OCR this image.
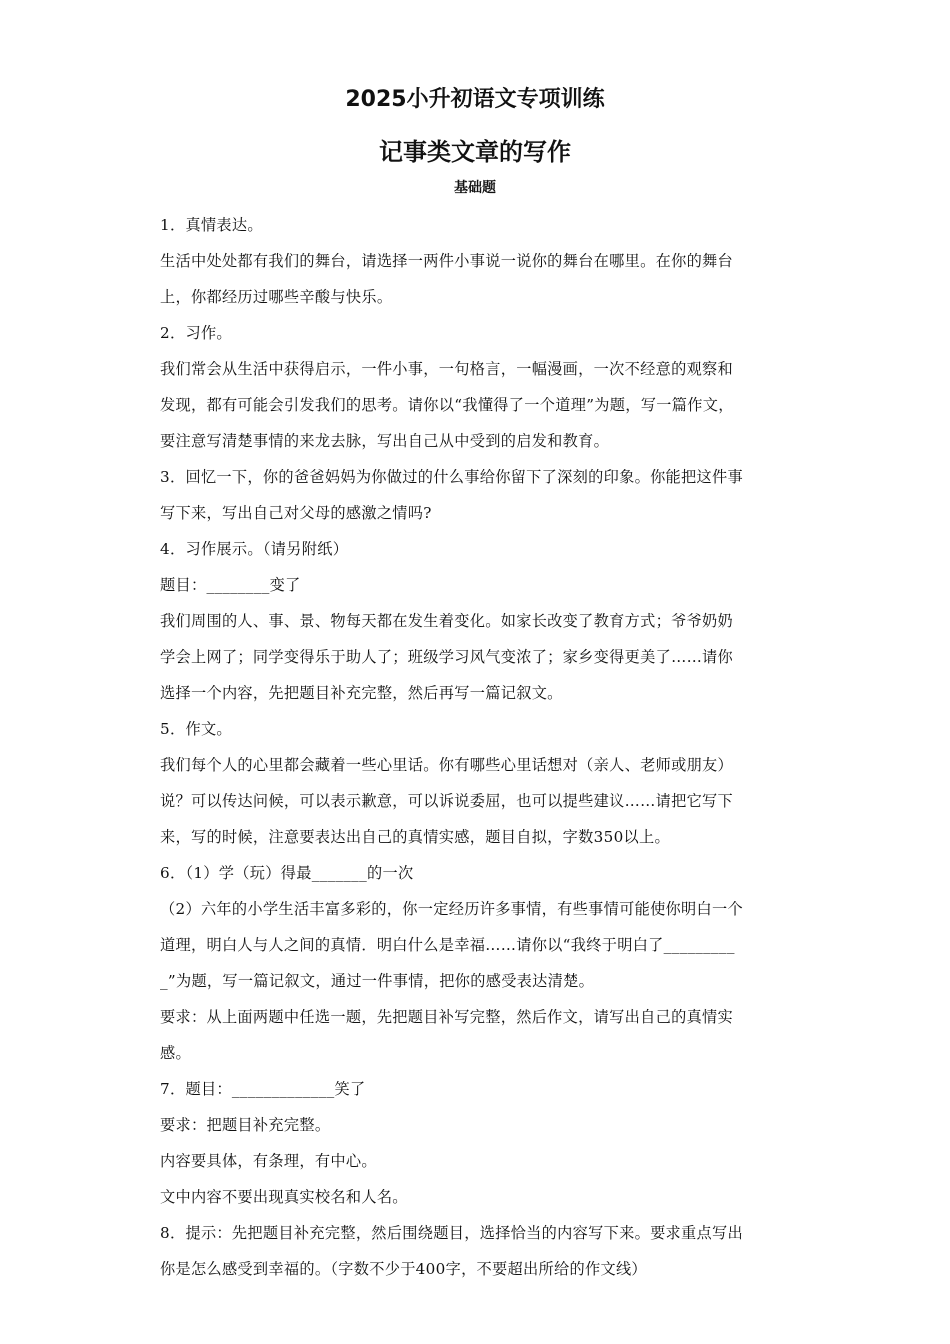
2025小升初语文专项训练
记事类文章的写作
基础题

1．真情表达。

生活中处处都有我们的舞台，请选择一两件小事说一说你的舞台在哪里。在你的舞台

上，你都经历过哪些辛酸与快乐。

2．习作。

我们常会从生活中获得启示，一件小事，一句格言，一幅漫画，一次不经意的观察和

发现，都有可能会引发我们的思考。请你以“我懂得了一个道理”为题，写一篇作文，

要注意写清楚事情的来龙去脉，写出自己从中受到的启发和教育。

3．回忆一下，你的爸爸妈妈为你做过的什么事给你留下了深刻的印象。你能把这件事

写下来，写出自己对父母的感激之情吗?

4．习作展示。（请另附纸）

题目：________变了

我们周围的人、事、景、物每天都在发生着变化。如家长改变了教育方式；爷爷奶奶

学会上网了；同学变得乐于助人了；班级学习风气变浓了；家乡变得更美了……请你

选择一个内容，先把题目补充完整，然后再写一篇记叙文。

5．作文。

我们每个人的心里都会藏着一些心里话。你有哪些心里话想对（亲人、老师或朋友）

说？可以传达问候，可以表示歉意，可以诉说委屈，也可以提些建议……请把它写下

来，写的时候，注意要表达出自己的真情实感，题目自拟，字数350以上。

6．（1）学（玩）得最_______的一次

（2）六年的小学生活丰富多彩的，你一定经历许多事情，有些事情可能使你明白一个

道理，明白人与人之间的真情．明白什么是幸福……请你以“我终于明白了_________

_”为题，写一篇记叙文，通过一件事情，把你的感受表达清楚。

要求：从上面两题中任选一题，先把题目补写完整，然后作文，请写出自己的真情实

感。

7．题目：_____________笑了

要求：把题目补充完整。

内容要具体，有条理，有中心。

文中内容不要出现真实校名和人名。

8．提示：先把题目补充完整，然后围绕题目，选择恰当的内容写下来。要求重点写出

你是怎么感受到幸福的。（字数不少于400字，不要超出所给的作文线）
